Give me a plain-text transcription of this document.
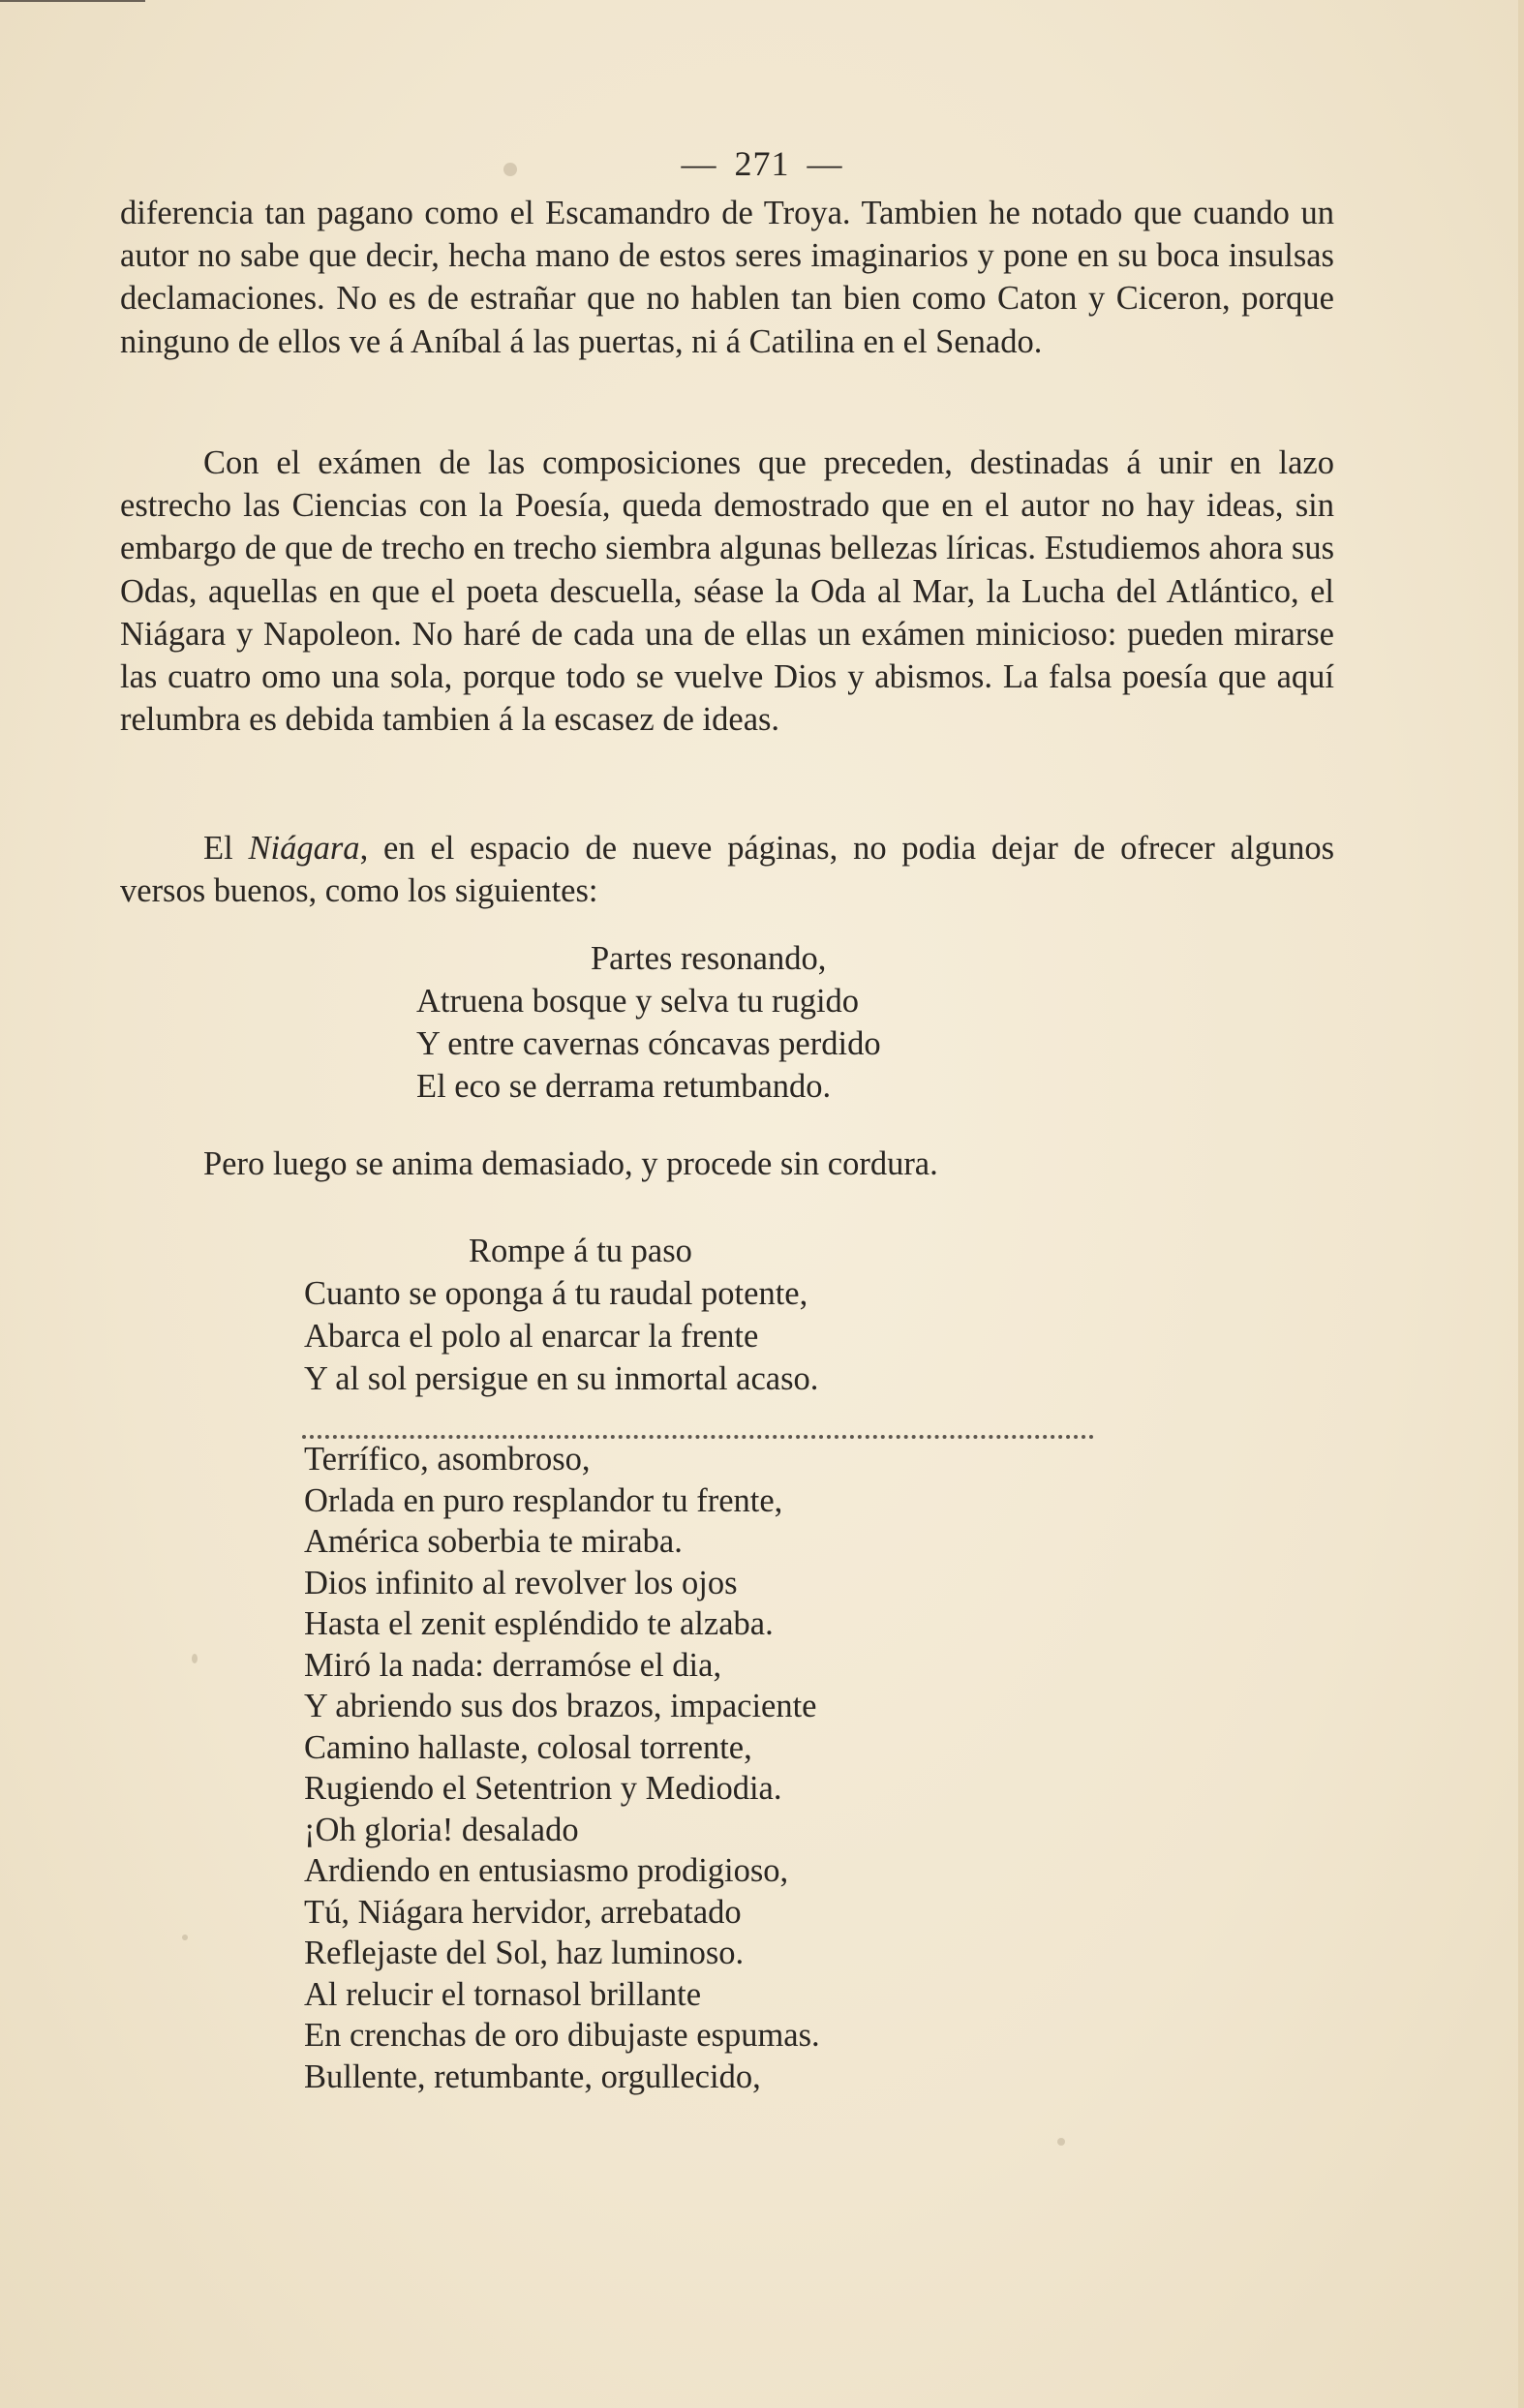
— 271 —

diferencia tan pagano como el Escamandro de Troya. Tambien he notado que cuando un autor no sabe que decir, hecha mano de estos seres imaginarios y pone en su boca insulsas declamaciones. No es de estrañar que no hablen tan bien como Caton y Ciceron, porque ninguno de ellos ve á Aníbal á las puertas, ni á Catilina en el Senado.

Con el exámen de las composiciones que preceden, destinadas á unir en lazo estrecho las Ciencias con la Poesía, queda demostrado que en el autor no hay ideas, sin embargo de que de trecho en trecho siembra algunas bellezas líricas. Estudiemos ahora sus Odas, aquellas en que el poeta descuella, séase la Oda al Mar, la Lucha del Atlántico, el Niágara y Napoleon. No haré de cada una de ellas un exámen minicioso: pueden mirarse las cuatro omo una sola, porque todo se vuelve Dios y abismos. La falsa poesía que aquí relumbra es debida tambien á la escasez de ideas.

El Niágara, en el espacio de nueve páginas, no podia dejar de ofrecer algunos versos buenos, como los siguientes:

Partes resonando,
Atruena bosque y selva tu rugido
Y entre cavernas cóncavas perdido
El eco se derrama retumbando.
Pero luego se anima demasiado, y procede sin cordura.
Rompe á tu paso
Cuanto se oponga á tu raudal potente,
Abarca el polo al enarcar la frente
Y al sol persigue en su inmortal acaso.
Terrífico, asombroso,
Orlada en puro resplandor tu frente,
América soberbia te miraba.
Dios infinito al revolver los ojos
Hasta el zenit espléndido te alzaba.
Miró la nada: derramóse el dia,
Y abriendo sus dos brazos, impaciente
Camino hallaste, colosal torrente,
Rugiendo el Setentrion y Mediodia.
¡Oh gloria! desalado
Ardiendo en entusiasmo prodigioso,
Tú, Niágara hervidor, arrebatado
Reflejaste del Sol, haz luminoso.
Al relucir el tornasol brillante
En crenchas de oro dibujaste espumas.
Bullente, retumbante, orgullecido,
